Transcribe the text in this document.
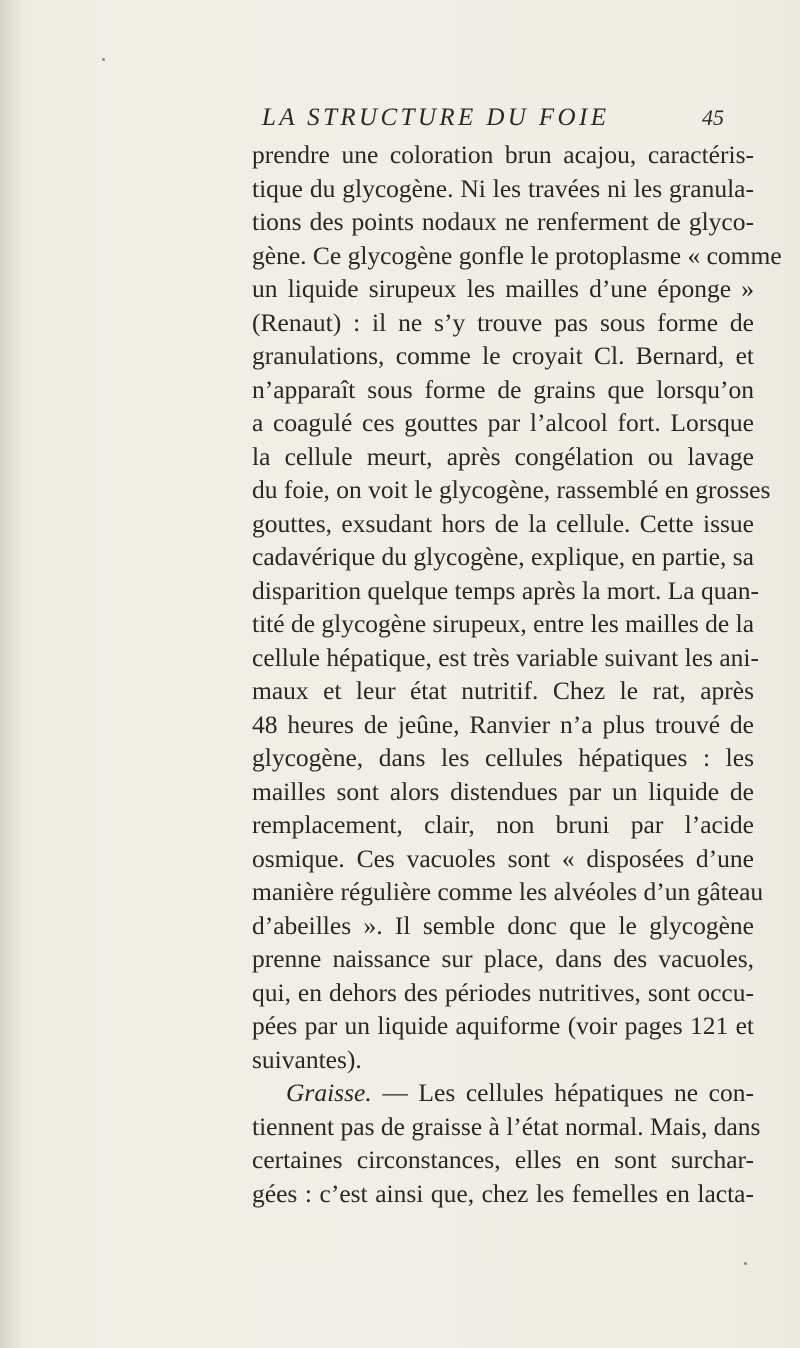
LA STRUCTURE DU FOIE	45
prendre une coloration brun acajou, caractéris-
tique du glycogène. Ni les travées ni les granula-
tions des points nodaux ne renferment de glyco-
gène. Ce glycogène gonfle le protoplasme « comme
un liquide sirupeux les mailles d’une éponge »
(Renaut) : il ne s’y trouve pas sous forme de
granulations, comme le croyait Cl. Bernard, et
n’apparaît sous forme de grains que lorsqu’on
a coagulé ces gouttes par l’alcool fort. Lorsque
la cellule meurt, après congélation ou lavage
du foie, on voit le glycogène, rassemblé en grosses
gouttes, exsudant hors de la cellule. Cette issue
cadavérique du glycogène, explique, en partie, sa
disparition quelque temps après la mort. La quan-
tité de glycogène sirupeux, entre les mailles de la
cellule hépatique, est très variable suivant les ani-
maux et leur état nutritif. Chez le rat, après
48 heures de jeûne, Ranvier n’a plus trouvé de
glycogène, dans les cellules hépatiques : les
mailles sont alors distendues par un liquide de
remplacement, clair, non bruni par l’acide
osmique. Ces vacuoles sont « disposées d’une
manière régulière comme les alvéoles d’un gâteau
d’abeilles ». Il semble donc que le glycogène
prenne naissance sur place, dans des vacuoles,
qui, en dehors des périodes nutritives, sont occu-
pées par un liquide aquiforme (voir pages 121 et
suivantes).
Graisse. — Les cellules hépatiques ne con-
tiennent pas de graisse à l’état normal. Mais, dans
certaines circonstances, elles en sont surchar-
gées : c’est ainsi que, chez les femelles en lacta-
